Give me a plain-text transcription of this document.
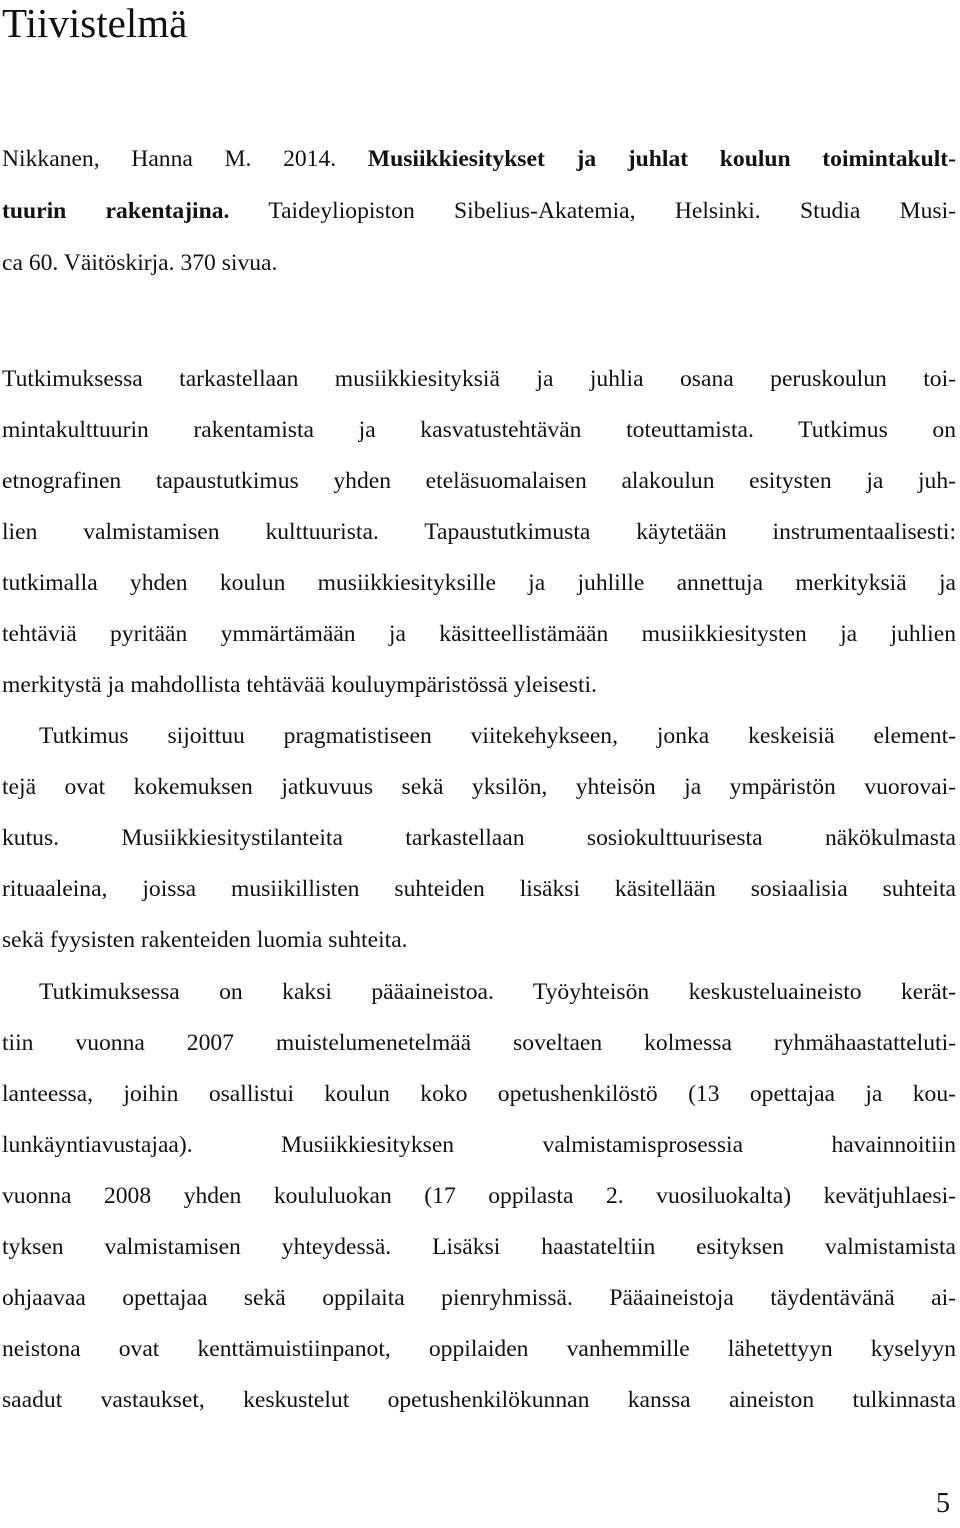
Tiivistelmä
Nikkanen, Hanna M. 2014. Musiikkiesitykset ja juhlat koulun toimintakult-
tuurin rakentajina. Taideyliopiston Sibelius-Akatemia, Helsinki. Studia Musi-
ca 60. Väitöskirja. 370 sivua.
Tutkimuksessa tarkastellaan musiikkiesityksiä ja juhlia osana peruskoulun toi-
mintakulttuurin rakentamista ja kasvatustehtävän toteuttamista. Tutkimus on
etnografinen tapaustutkimus yhden eteläsuomalaisen alakoulun esitysten ja juh-
lien valmistamisen kulttuurista. Tapaustutkimusta käytetään instrumentaalisesti:
tutkimalla yhden koulun musiikkiesityksille ja juhlille annettuja merkityksiä ja
tehtäviä pyritään ymmärtämään ja käsitteellistämään musiikkiesitysten ja juhlien
merkitystä ja mahdollista tehtävää kouluympäristössä yleisesti.
Tutkimus sijoittuu pragmatistiseen viitekehykseen, jonka keskeisiä element-
tejä ovat kokemuksen jatkuvuus sekä yksilön, yhteisön ja ympäristön vuorovai-
kutus. Musiikkiesitystilanteita tarkastellaan sosiokulttuurisesta näkökulmasta
rituaaleina, joissa musiikillisten suhteiden lisäksi käsitellään sosiaalisia suhteita
sekä fyysisten rakenteiden luomia suhteita.
Tutkimuksessa on kaksi pääaineistoa. Työyhteisön keskusteluaineisto kerät-
tiin vuonna 2007 muistelumenetelmää soveltaen kolmessa ryhmähaastatteluti-
lanteessa, joihin osallistui koulun koko opetushenkilöstö (13 opettajaa ja kou-
lunkäyntiavustajaa). Musiikkiesityksen valmistamisprosessia havainnoitiin
vuonna 2008 yhden koululuokan (17 oppilasta 2. vuosiluokalta) kevätjuhlaesi-
tyksen valmistamisen yhteydessä. Lisäksi haastateltiin esityksen valmistamista
ohjaavaa opettajaa sekä oppilaita pienryhmissä. Pääaineistoja täydentävänä ai-
neistona ovat kenttämuistiinpanot, oppilaiden vanhemmille lähetettyyn kyselyyn
saadut vastaukset, keskustelut opetushenkilökunnan kanssa aineiston tulkinnasta

5
